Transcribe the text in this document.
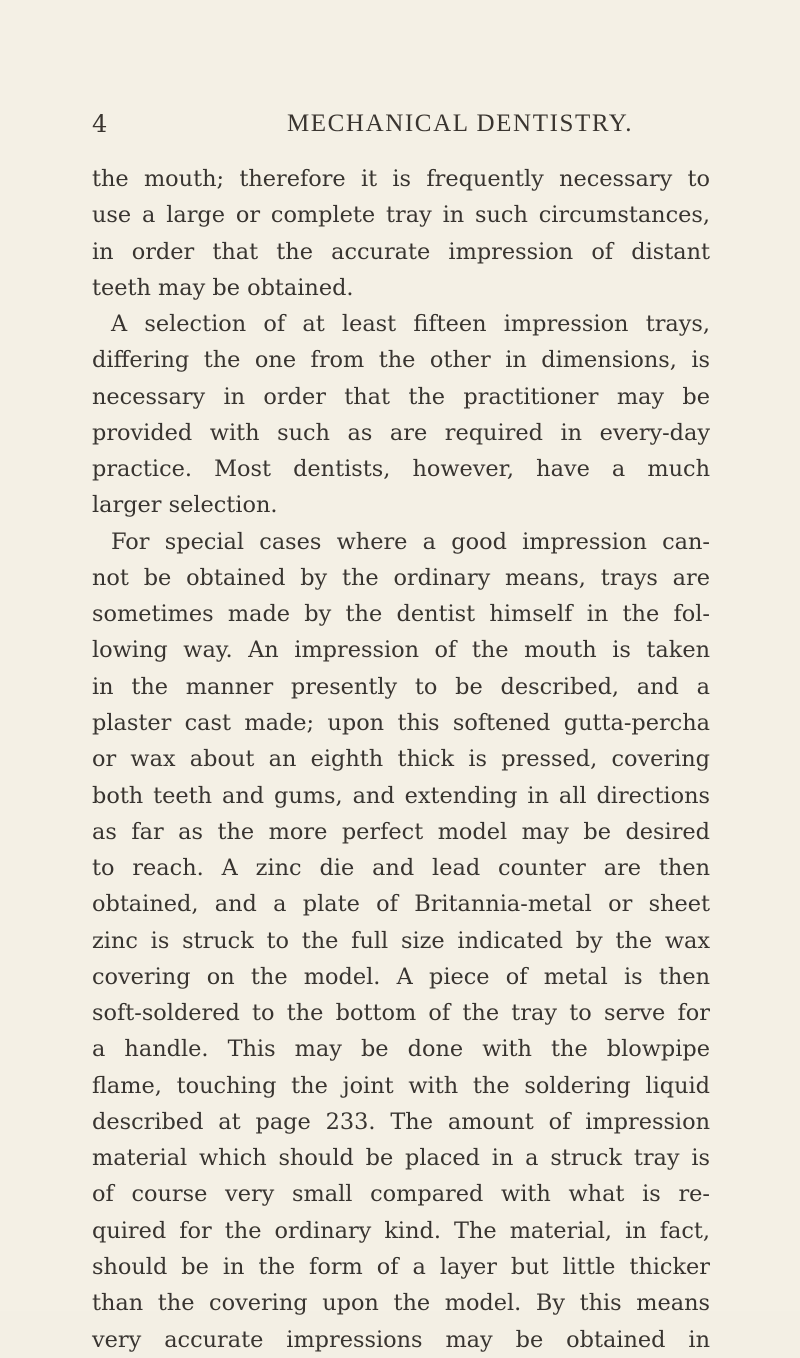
4	MECHANICAL DENTISTRY.
the mouth; therefore it is frequently necessary to
use a large or complete tray in such circumstances,
in order that the accurate impression of distant
teeth may be obtained.
A selection of at least fifteen impression trays,
differing the one from the other in dimensions, is
necessary in order that the practitioner may be
provided with such as are required in every-day
practice. Most dentists, however, have a much
larger selection.
For special cases where a good impression can-
not be obtained by the ordinary means, trays are
sometimes made by the dentist himself in the fol-
lowing way. An impression of the mouth is taken
in the manner presently to be described, and a
plaster cast made; upon this softened gutta-percha
or wax about an eighth thick is pressed, covering
both teeth and gums, and extending in all directions
as far as the more perfect model may be desired
to reach. A zinc die and lead counter are then
obtained, and a plate of Britannia-metal or sheet
zinc is struck to the full size indicated by the wax
covering on the model. A piece of metal is then
soft-soldered to the bottom of the tray to serve for
a handle. This may be done with the blowpipe
flame, touching the joint with the soldering liquid
described at page 233. The amount of impression
material which should be placed in a struck tray is
of course very small compared with what is re-
quired for the ordinary kind. The material, in fact,
should be in the form of a layer but little thicker
than the covering upon the model. By this means
very accurate impressions may be obtained in
